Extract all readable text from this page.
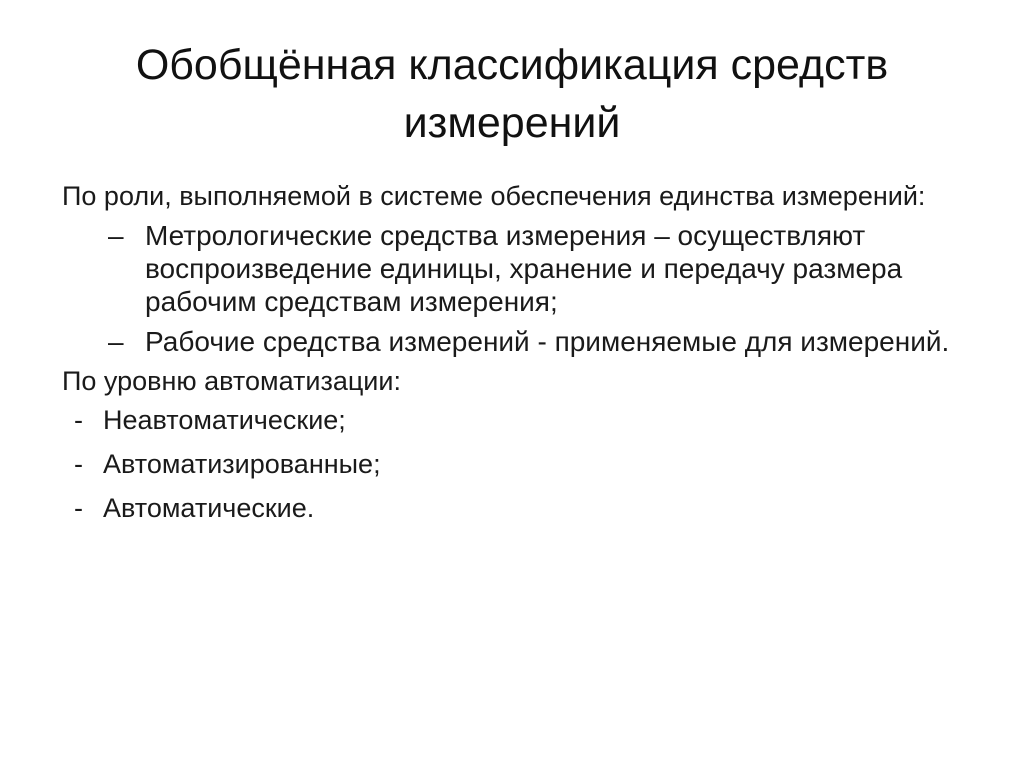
Обобщённая классификация средств измерений
По роли, выполняемой в системе обеспечения единства измерений:
– Метрологические средства измерения – осуществляют воспроизведение единицы, хранение и передачу размера рабочим средствам измерения;
– Рабочие средства измерений - применяемые для измерений.
По уровню автоматизации:
- Неавтоматические;
- Автоматизированные;
- Автоматические.
